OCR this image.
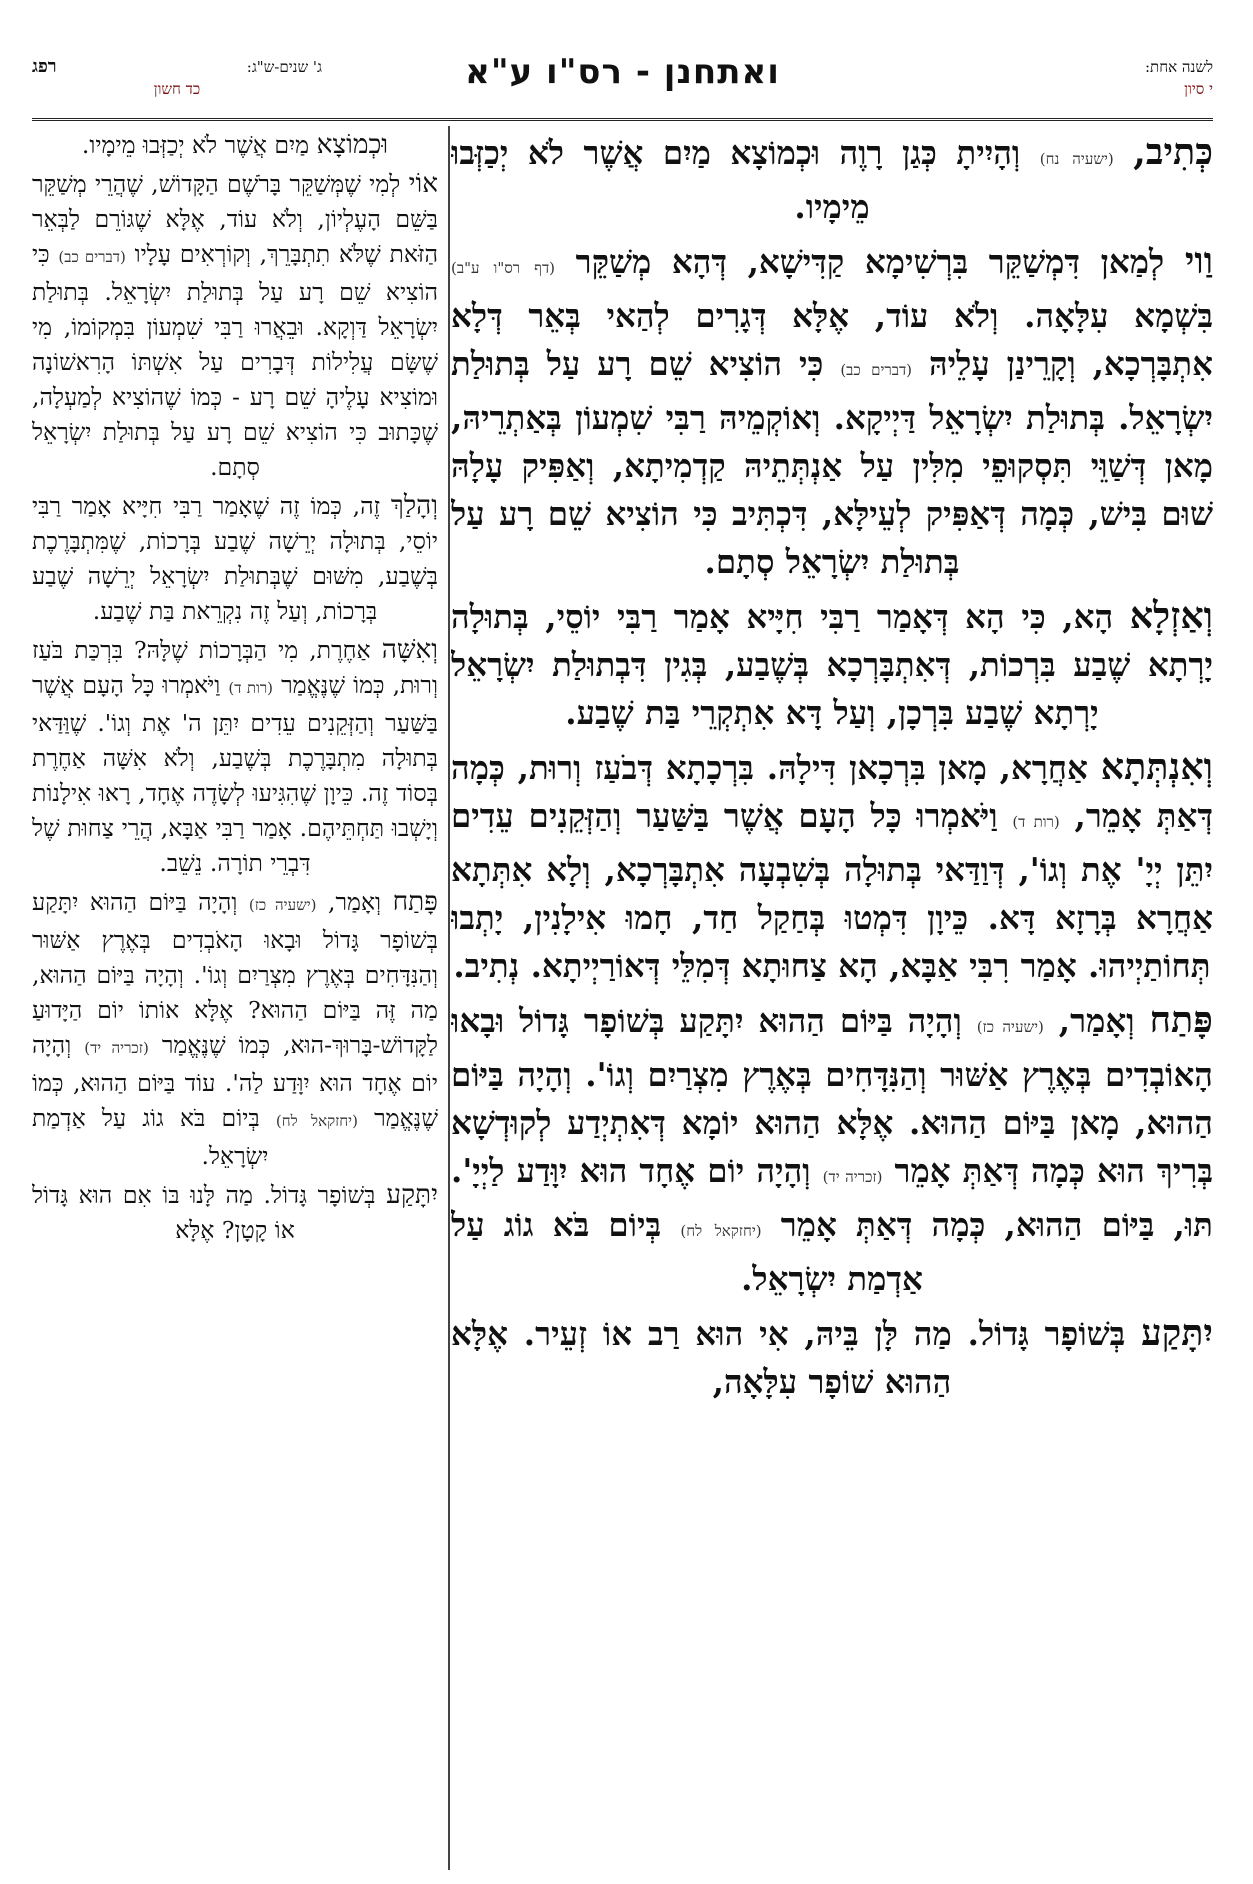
לשנה אחת:
י סיון
ואתחנן - רס"ו ע"א
ג' שנים-ש"ג:
רפג
כד חשון

כְּתִיב, (ישעיה נח) וְהָיִיתָ כְּגַן רָוֶה וּכְמוֹצָא מַיִם אֲשֶׁר לֹא יְכַזְּבוּ מֵימָיו.

וַוי לְמַאן דִּמְשַׁקֵּר בִּרְשִׁימָא קַדִּישָׁא, דְּהָא מְשַׁקֵּר (דף רס"ו ע"ב) בִּשְׁמָא עִלָּאָה. וְלֹא עוֹד, אֶלָּא דְּגָרִים לְהַאי בְּאֵר דְּלָא אִתְבָּרְכָא, וְקָרֵינַן עָלֵיהּ (דברים כב) כִּי הוֹצִיא שֵׁם רָע עַל בְּתוּלַת יִשְׂרָאֵל. בְּתוּלַת יִשְׂרָאֵל דַּיְיקָא. וְאוֹקְמֵיהּ רַבִּי שִׁמְעוֹן בְּאַתְרֵיהּ, מָאן דְּשַׁוֵּי תִּסְקוּפֵי מִלִּין עַל אַנְתְּתֵיהּ קַדְמִיתָא, וְאַפִּיק עָלָהּ שׁוּם בִּישׁ, כְּמָה דְּאַפִּיק לְעֵילָּא, דִּכְתִּיב כִּי הוֹצִיא שֵׁם רָע עַל בְּתוּלַת יִשְׂרָאֵל סְתָם.

וְאַזְלָא הָא, כִּי הָא דְּאָמַר רַבִּי חִיָּיא אָמַר רַבִּי יוֹסֵי, בְּתוּלָה יָרְתָא שֶׁבַע בִּרְכוֹת, דְּאִתְבָּרְכָא בְּשֶׁבַע, בְּגִין דִּבְתוּלַת יִשְׂרָאֵל יָרְתָא שֶׁבַע בִּרְכָן, וְעַל דָּא אִתְקְרֵי בַּת שֶׁבַע.

וְאִנְתְּתָא אַחֲרָא, מָאן בִּרְכָאן דִּילָהּ. בִּרְכָתָא דְּבֹעַז וְרוּת, כְּמָה דְּאַתְּ אָמֵר, (רות ד) וַיֹּאמְרוּ כָּל הָעָם אֲשֶׁר בַּשַּׁעַר וְהַזְּקֵנִים עֵדִים יִתֵּן יְיָ' אֶת וְגוֹ', דְּוַדַּאי בְּתוּלָה בְּשִׁבְעָה אִתְבָּרְכָא, וְלָא אִתְּתָא אַחֲרָא בְּרָזָא דָּא. כֵּיוָן דִּמְטוּ בְּחַקַל חַד, חָמוּ אִילָנִין, יָתְבוּ תְּחוֹתַיְיהוּ. אָמַר רִבִּי אַבָּא, הָא צַחוּתָא דְּמִלֵּי דְּאוֹרַיְיתָא. נְתִיב.

פָּתַח וְאָמַר, (ישעיה כז) וְהָיָה בַּיּוֹם הַהוּא יִתָּקַע בְּשׁוֹפָר גָּדוֹל וּבָאוּ הָאוֹבְדִים בְּאֶרֶץ אַשּׁוּר וְהַנִּדָּחִים בְּאֶרֶץ מִצְרַיִם וְגוֹ'. וְהָיָה בַּיּוֹם הַהוּא, מָאן בַּיּוֹם הַהוּא. אֶלָּא הַהוּא יוֹמָא דְּאִתְיְדַע לְקוּדְשָׁא בְּרִיךְ הוּא כְּמָה דְּאַתְּ אָמֵר (זכריה יד) וְהָיָה יוֹם אֶחָד הוּא יִוָּדַע לַיְיָ'. תּוּ, בַּיּוֹם הַהוּא, כְּמָה דְּאַתְּ אָמֵר (יחזקאל לח) בְּיוֹם בֹּא גוֹג עַל אַדְמַת יִשְׂרָאֵל.

יִתָּקַע בְּשׁוֹפָר גָּדוֹל. מַה לָּן בֵּיהּ, אִי הוּא רַב אוֹ זְעֵיר. אֶלָּא הַהוּא שׁוֹפָר עִלָּאָה,

וּכְמוֹצָא מַיִם אֲשֶׁר לֹא יְכַזְּבוּ מֵימָיו.

אוֹי לְמִי שֶׁמְּשַׁקֵּר בָּרֹשֶׁם הַקָּדוֹשׁ, שֶׁהֲרֵי מְשַׁקֵּר בַּשֵּׁם הָעֶלְיוֹן, וְלֹא עוֹד, אֶלָּא שֶׁגּוֹרֵם לַבְּאֵר הַזֹּאת שֶׁלֹּא תִתְבָּרֵךְ, וְקוֹרְאִים עָלָיו (דברים כב) כִּי הוֹצִיא שֵׁם רָע עַל בְּתוּלַת יִשְׂרָאֵל. בְּתוּלַת יִשְׂרָאֵל דַּוְקָא. וּבֵאֲרוּ רַבִּי שִׁמְעוֹן בִּמְקוֹמוֹ, מִי שֶׁשָּׂם עֲלִילוֹת דְּבָרִים עַל אִשְׁתּוֹ הָרִאשׁוֹנָה וּמוֹצִיא עָלֶיהָ שֵׁם רָע - כְּמוֹ שֶׁהוֹצִיא לְמַעְלָה, שֶׁכָּתוּב כִּי הוֹצִיא שֵׁם רָע עַל בְּתוּלַת יִשְׂרָאֵל סְתָם.

וְהָלַךְ זֶה, כְּמוֹ זֶה שֶׁאָמַר רַבִּי חִיָּיא אָמַר רַבִּי יוֹסֵי, בְּתוּלָה יְרֵשָׁה שֶׁבַע בְּרָכוֹת, שֶׁמִּתְבָּרֶכֶת בְּשֶׁבַע, מִשּׁוּם שֶׁבְּתוּלַת יִשְׂרָאֵל יְרֵשָׁה שֶׁבַע בְּרָכוֹת, וְעַל זֶה נִקְרֵאת בַּת שֶׁבַע.

וְאִשָּׁה אַחֶרֶת, מִי הַבְּרָכוֹת שֶׁלָּהּ? בִּרְכַּת בֹּעַז וְרוּת, כְּמוֹ שֶׁנֶּאֱמַר (רות ד) וַיֹּאמְרוּ כָּל הָעָם אֲשֶׁר בַּשַּׁעַר וְהַזְּקֵנִים עֵדִים יִתֵּן ה' אֶת וְגוֹ'. שֶׁוַּדַּאי בְּתוּלָה מִתְבָּרֶכֶת בְּשֶׁבַע, וְלֹא אִשָּׁה אַחֶרֶת בְּסוֹד זֶה. כֵּיוָן שֶׁהִגִּיעוּ לְשָׂדֶה אֶחָד, רָאוּ אִילָנוֹת וְיָשְׁבוּ תַּחְתֵּיהֶם. אָמַר רַבִּי אַבָּא, הֲרֵי צַחוּת שֶׁל דִּבְרֵי תוֹרָה. נֵשֵׁב.

פָּתַח וְאָמַר, (ישעיה כז) וְהָיָה בַּיּוֹם הַהוּא יִתָּקַע בְּשׁוֹפָר גָּדוֹל וּבָאוּ הָאֹבְדִים בְּאֶרֶץ אַשּׁוּר וְהַנִּדָּחִים בְּאֶרֶץ מִצְרַיִם וְגוֹ'. וְהָיָה בַּיּוֹם הַהוּא, מַה זֶּה בַּיּוֹם הַהוּא? אֶלָּא אוֹתוֹ יוֹם הַיָּדוּעַ לַקָּדוֹשׁ-בָּרוּךְ-הוּא, כְּמוֹ שֶׁנֶּאֱמַר (זכריה יד) וְהָיָה יוֹם אֶחָד הוּא יִוָּדַע לַה'. עוֹד בַּיּוֹם הַהוּא, כְּמוֹ שֶׁנֶּאֱמַר (יחזקאל לח) בְּיוֹם בֹּא גוֹג עַל אַדְמַת יִשְׂרָאֵל.

יִתָּקַע בְּשׁוֹפָר גָּדוֹל. מַה לָּנוּ בּוֹ אִם הוּא גָּדוֹל אוֹ קָטָן? אֶלָּא
